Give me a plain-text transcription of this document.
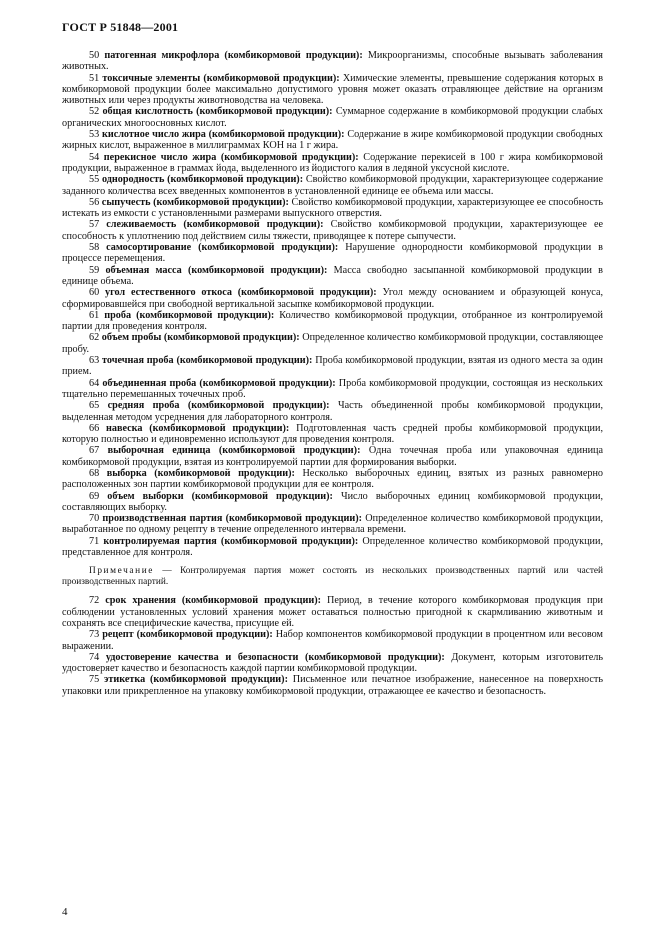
ГОСТ Р 51848—2001

50 патогенная микрофлора (комбикормовой продукции): Микроорганизмы, способные вызывать заболевания животных.

51 токсичные элементы (комбикормовой продукции): Химические элементы, превышение содержания которых в комбикормовой продукции более максимально допустимого уровня может оказать отравляющее действие на организм животных или через продукты животноводства на человека.

52 общая кислотность (комбикормовой продукции): Суммарное содержание в комбикормовой продукции слабых органических многоосновных кислот.

53 кислотное число жира (комбикормовой продукции): Содержание в жире комбикормовой продукции свободных жирных кислот, выраженное в миллиграммах КОН на 1 г жира.

54 перекисное число жира (комбикормовой продукции): Содержание перекисей в 100 г жира комбикормовой продукции, выраженное в граммах йода, выделенного из йодистого калия в ледяной уксусной кислоте.

55 однородность (комбикормовой продукции): Свойство комбикормовой продукции, характеризующее содержание заданного количества всех введенных компонентов в установленной единице ее объема или массы.

56 сыпучесть (комбикормовой продукции): Свойство комбикормовой продукции, характеризующее ее способность истекать из емкости с установленными размерами выпускного отверстия.

57 слеживаемость (комбикормовой продукции): Свойство комбикормовой продукции, характеризующее ее способность к уплотнению под действием силы тяжести, приводящее к потере сыпучести.

58 самосортирование (комбикормовой продукции): Нарушение однородности комбикормовой продукции в процессе перемещения.

59 объемная масса (комбикормовой продукции): Масса свободно засыпанной комбикормовой продукции в единице объема.

60 угол естественного откоса (комбикормовой продукции): Угол между основанием и образующей конуса, сформировавшейся при свободной вертикальной засыпке комбикормовой продукции.

61 проба (комбикормовой продукции): Количество комбикормовой продукции, отобранное из контролируемой партии для проведения контроля.

62 объем пробы (комбикормовой продукции): Определенное количество комбикормовой продукции, составляющее пробу.

63 точечная проба (комбикормовой продукции): Проба комбикормовой продукции, взятая из одного места за один прием.

64 объединенная проба (комбикормовой продукции): Проба комбикормовой продукции, состоящая из нескольких тщательно перемешанных точечных проб.

65 средняя проба (комбикормовой продукции): Часть объединенной пробы комбикормовой продукции, выделенная методом усреднения для лабораторного контроля.

66 навеска (комбикормовой продукции): Подготовленная часть средней пробы комбикормовой продукции, которую полностью и единовременно используют для проведения контроля.

67 выборочная единица (комбикормовой продукции): Одна точечная проба или упаковочная единица комбикормовой продукции, взятая из контролируемой партии для формирования выборки.

68 выборка (комбикормовой продукции): Несколько выборочных единиц, взятых из разных равномерно расположенных зон партии комбикормовой продукции для ее контроля.

69 объем выборки (комбикормовой продукции): Число выборочных единиц комбикормовой продукции, составляющих выборку.

70 производственная партия (комбикормовой продукции): Определенное количество комбикормовой продукции, выработанное по одному рецепту в течение определенного интервала времени.

71 контролируемая партия (комбикормовой продукции): Определенное количество комбикормовой продукции, представленное для контроля.

Примечание — Контролируемая партия может состоять из нескольких производственных партий или частей производственных партий.

72 срок хранения (комбикормовой продукции): Период, в течение которого комбикормовая продукция при соблюдении установленных условий хранения может оставаться полностью пригодной к скармливанию животным и сохранять все специфические качества, присущие ей.

73 рецепт (комбикормовой продукции): Набор компонентов комбикормовой продукции в процентном или весовом выражении.

74 удостоверение качества и безопасности (комбикормовой продукции): Документ, которым изготовитель удостоверяет качество и безопасность каждой партии комбикормовой продукции.

75 этикетка (комбикормовой продукции): Письменное или печатное изображение, нанесенное на поверхность упаковки или прикрепленное на упаковку комбикормовой продукции, отражающее ее качество и безопасность.

4
